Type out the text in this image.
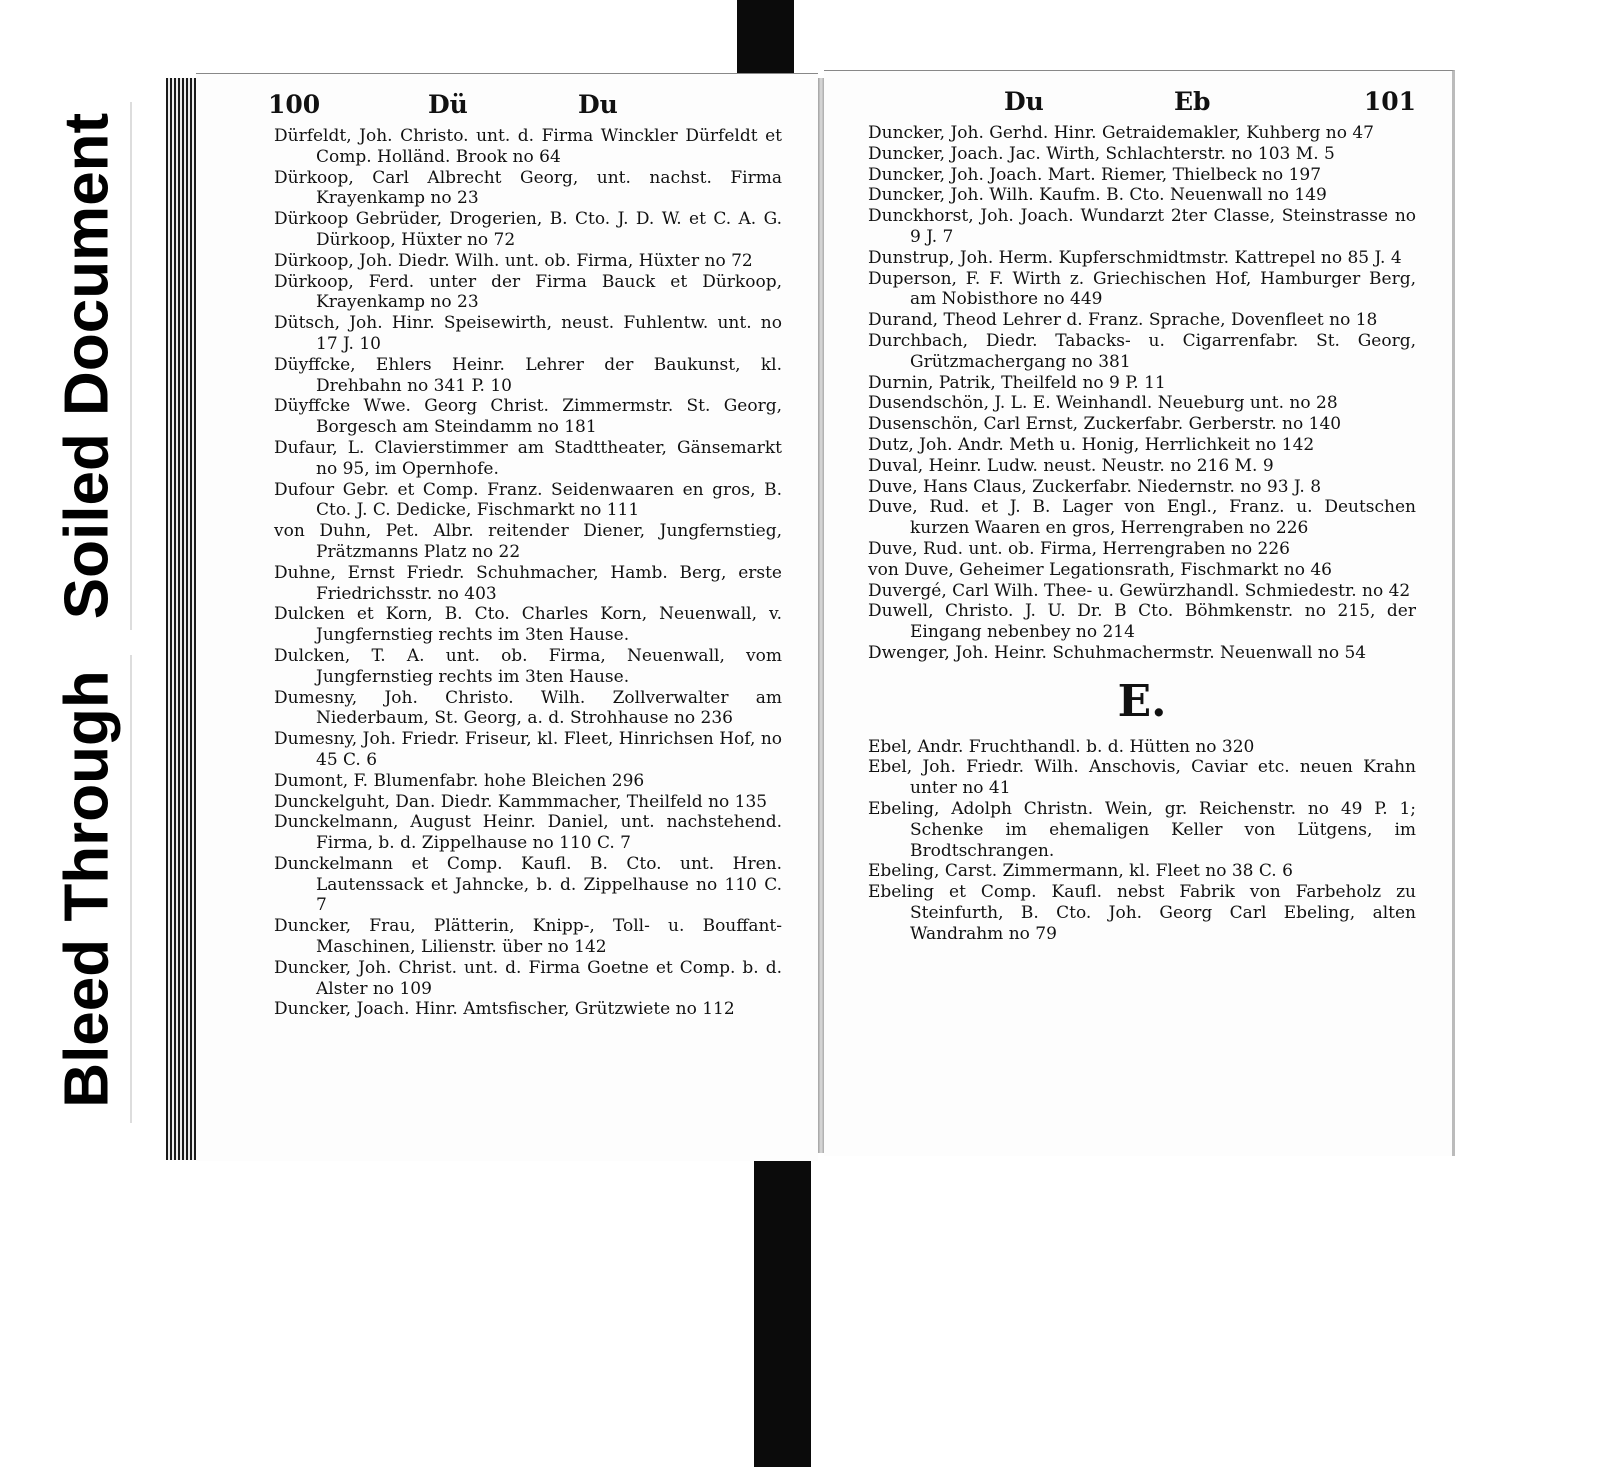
Soiled Document
Bleed Through
100	Dü	Du

Dürfeldt, Joh. Christo. unt. d. Firma Winckler Dürfeldt et Comp. Holländ. Brook no 64

Dürkoop, Carl Albrecht Georg, unt. nachst. Firma Krayenkamp no 23

Dürkoop Gebrüder, Drogerien, B. Cto. J. D. W. et C. A. G. Dürkoop, Hüxter no 72

Dürkoop, Joh. Diedr. Wilh. unt. ob. Firma, Hüxter no 72

Dürkoop, Ferd. unter der Firma Bauck et Dürkoop, Krayenkamp no 23

Dütsch, Joh. Hinr. Speisewirth, neust. Fuhlentw. unt. no 17 J. 10

Düyffcke, Ehlers Heinr. Lehrer der Baukunst, kl. Drehbahn no 341 P. 10

Düyffcke Wwe. Georg Christ. Zimmermstr. St. Georg, Borgesch am Steindamm no 181

Dufaur, L. Clavierstimmer am Stadttheater, Gänsemarkt no 95, im Opernhofe.

Dufour Gebr. et Comp. Franz. Seidenwaaren en gros, B. Cto. J. C. Dedicke, Fischmarkt no 111

von Duhn, Pet. Albr. reitender Diener, Jungfernstieg, Prätzmanns Platz no 22

Duhne, Ernst Friedr. Schuhmacher, Hamb. Berg, erste Friedrichsstr. no 403

Dulcken et Korn, B. Cto. Charles Korn, Neuenwall, v. Jungfernstieg rechts im 3ten Hause.

Dulcken, T. A. unt. ob. Firma, Neuenwall, vom Jungfernstieg rechts im 3ten Hause.

Dumesny, Joh. Christo. Wilh. Zollverwalter am Niederbaum, St. Georg, a. d. Strohhause no 236

Dumesny, Joh. Friedr. Friseur, kl. Fleet, Hinrichsen Hof, no 45 C. 6

Dumont, F. Blumenfabr. hohe Bleichen 296

Dunckelguht, Dan. Diedr. Kammmacher, Theilfeld no 135

Dunckelmann, August Heinr. Daniel, unt. nachstehend. Firma, b. d. Zippelhause no 110 C. 7

Dunckelmann et Comp. Kaufl. B. Cto. unt. Hren. Lautenssack et Jahncke, b. d. Zippelhause no 110 C. 7

Duncker, Frau, Plätterin, Knipp-, Toll- u. Bouffant-Maschinen, Lilienstr. über no 142

Duncker, Joh. Christ. unt. d. Firma Goetne et Comp. b. d. Alster no 109

Duncker, Joach. Hinr. Amtsfischer, Grützwiete no 112

Du	Eb	101

Duncker, Joh. Gerhd. Hinr. Getraidemakler, Kuhberg no 47

Duncker, Joach. Jac. Wirth, Schlachterstr. no 103 M. 5

Duncker, Joh. Joach. Mart. Riemer, Thielbeck no 197

Duncker, Joh. Wilh. Kaufm. B. Cto. Neuenwall no 149

Dunckhorst, Joh. Joach. Wundarzt 2ter Classe, Steinstrasse no 9 J. 7

Dunstrup, Joh. Herm. Kupferschmidtmstr. Kattrepel no 85 J. 4

Duperson, F. F. Wirth z. Griechischen Hof, Hamburger Berg, am Nobisthore no 449

Durand, Theod Lehrer d. Franz. Sprache, Dovenfleet no 18

Durchbach, Diedr. Tabacks- u. Cigarrenfabr. St. Georg, Grützmachergang no 381

Durnin, Patrik, Theilfeld no 9 P. 11

Dusendschön, J. L. E. Weinhandl. Neueburg unt. no 28

Dusenschön, Carl Ernst, Zuckerfabr. Gerberstr. no 140

Dutz, Joh. Andr. Meth u. Honig, Herrlichkeit no 142

Duval, Heinr. Ludw. neust. Neustr. no 216 M. 9

Duve, Hans Claus, Zuckerfabr. Niedernstr. no 93 J. 8

Duve, Rud. et J. B. Lager von Engl., Franz. u. Deutschen kurzen Waaren en gros, Herrengraben no 226

Duve, Rud. unt. ob. Firma, Herrengraben no 226

von Duve, Geheimer Legationsrath, Fischmarkt no 46

Duvergé, Carl Wilh. Thee- u. Gewürzhandl. Schmiedestr. no 42

Duwell, Christo. J. U. Dr. B Cto. Böhmkenstr. no 215, der Eingang nebenbey no 214

Dwenger, Joh. Heinr. Schuhmachermstr. Neuenwall no 54

E.

Ebel, Andr. Fruchthandl. b. d. Hütten no 320

Ebel, Joh. Friedr. Wilh. Anschovis, Caviar etc. neuen Krahn unter no 41

Ebeling, Adolph Christn. Wein, gr. Reichenstr. no 49 P. 1; Schenke im ehemaligen Keller von Lütgens, im Brodtschrangen.

Ebeling, Carst. Zimmermann, kl. Fleet no 38 C. 6

Ebeling et Comp. Kaufl. nebst Fabrik von Farbeholz zu Steinfurth, B. Cto. Joh. Georg Carl Ebeling, alten Wandrahm no 79
